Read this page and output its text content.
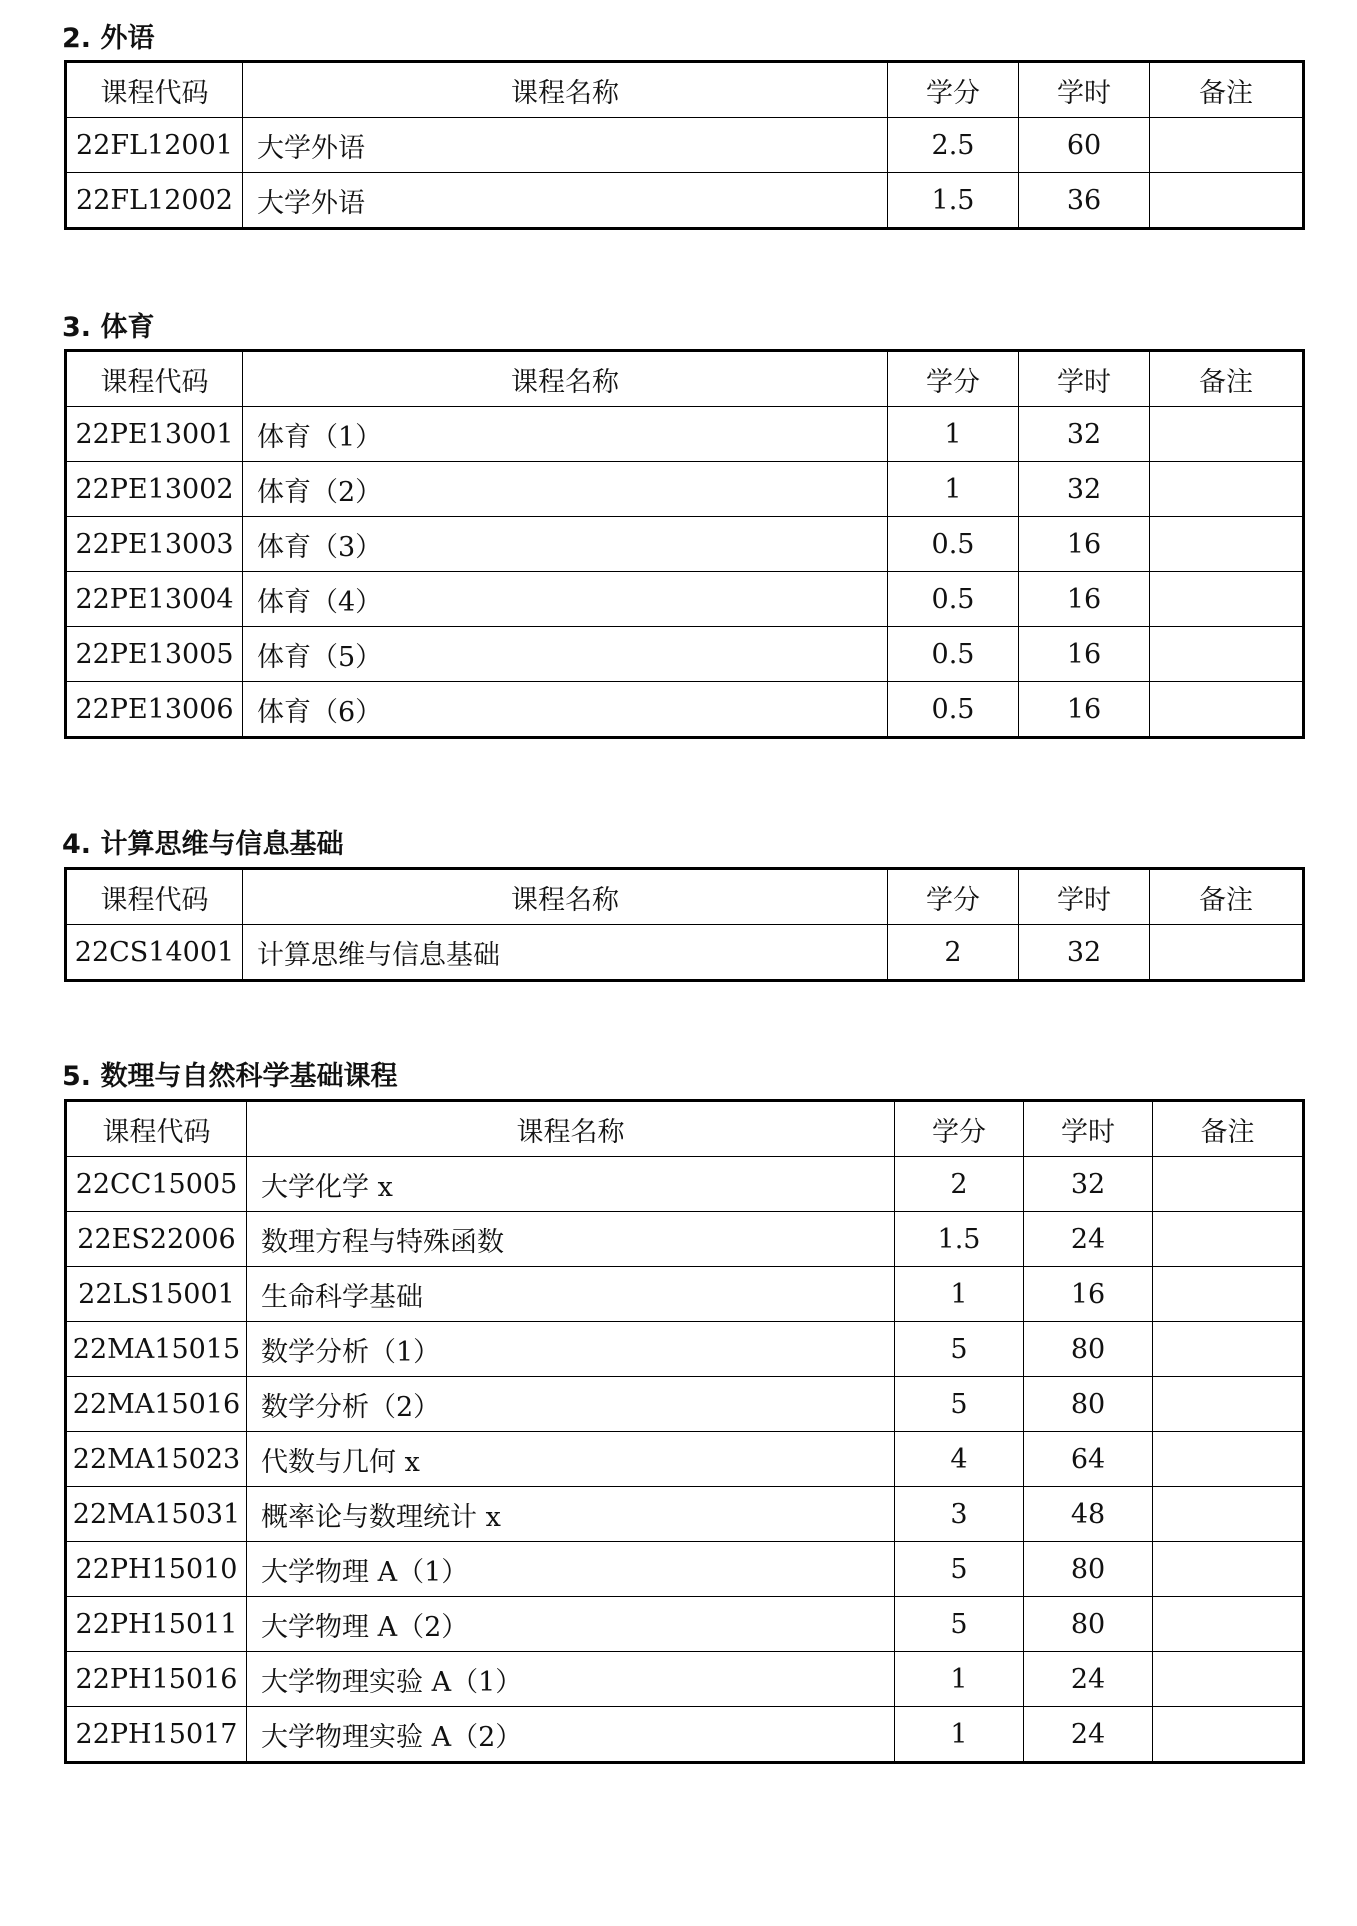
2. 外语
课程代码	课程名称	学分	学时	备注
22FL12001	大学外语	2.5	60	
22FL12002	大学外语	1.5	36	
3. 体育
课程代码	课程名称	学分	学时	备注
22PE13001	体育（1）	1	32	
22PE13002	体育（2）	1	32	
22PE13003	体育（3）	0.5	16	
22PE13004	体育（4）	0.5	16	
22PE13005	体育（5）	0.5	16	
22PE13006	体育（6）	0.5	16	
4. 计算思维与信息基础
课程代码	课程名称	学分	学时	备注
22CS14001	计算思维与信息基础	2	32	
5. 数理与自然科学基础课程
课程代码	课程名称	学分	学时	备注
22CC15005	大学化学 x	2	32	
22ES22006	数理方程与特殊函数	1.5	24	
22LS15001	生命科学基础	1	16	
22MA15015	数学分析（1）	5	80	
22MA15016	数学分析（2）	5	80	
22MA15023	代数与几何 x	4	64	
22MA15031	概率论与数理统计 x	3	48	
22PH15010	大学物理 A（1）	5	80	
22PH15011	大学物理 A（2）	5	80	
22PH15016	大学物理实验 A（1）	1	24	
22PH15017	大学物理实验 A（2）	1	24	
